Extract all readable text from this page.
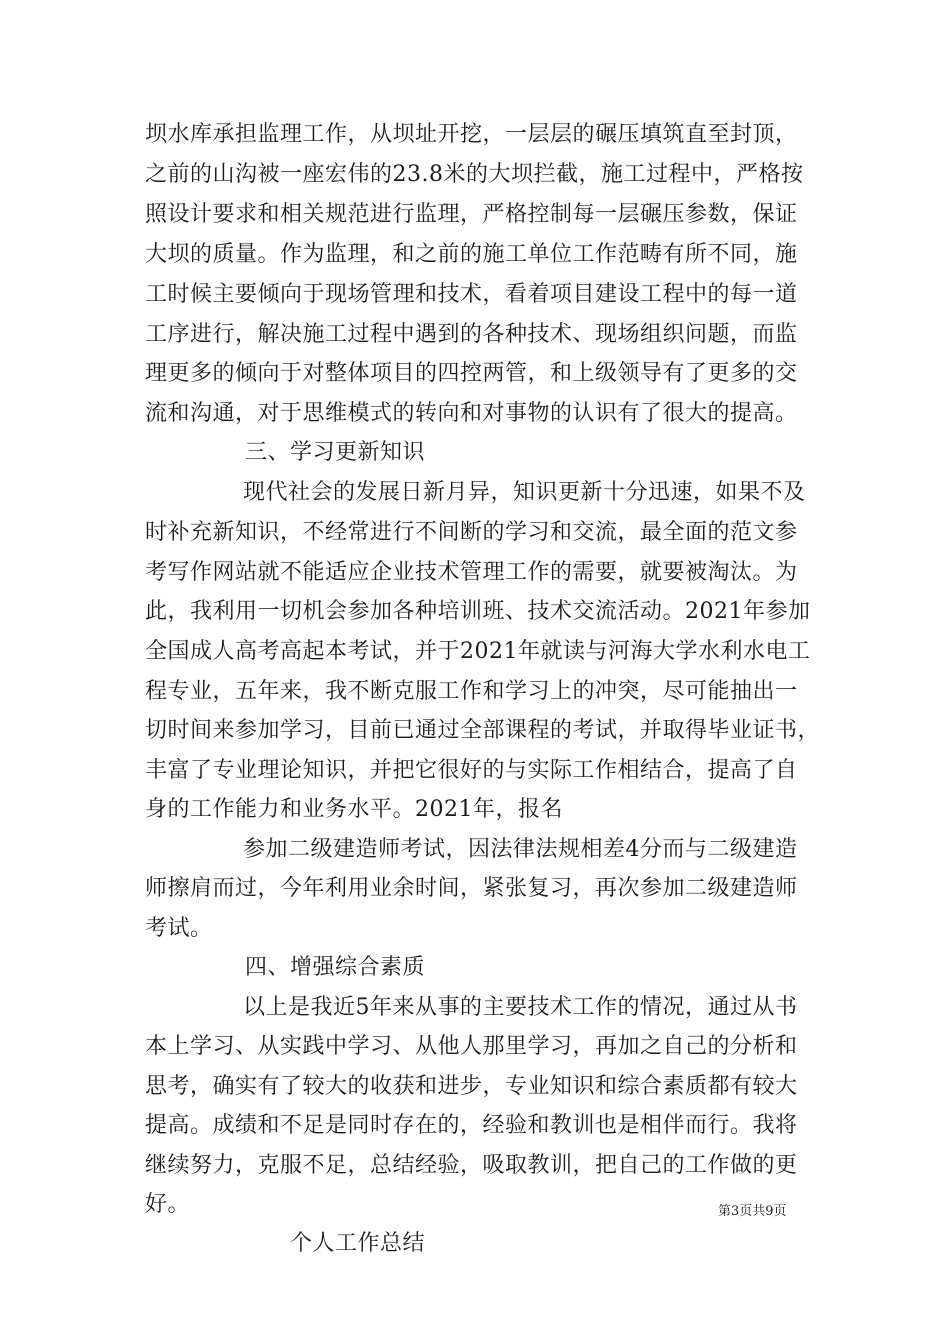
坝水库承担监理工作，从坝址开挖，一层层的碾压填筑直至封顶，
之前的山沟被一座宏伟的23.8米的大坝拦截，施工过程中，严格按
照设计要求和相关规范进行监理，严格控制每一层碾压参数，保证
大坝的质量。作为监理，和之前的施工单位工作范畴有所不同，施
工时候主要倾向于现场管理和技术，看着项目建设工程中的每一道
工序进行，解决施工过程中遇到的各种技术、现场组织问题，而监
理更多的倾向于对整体项目的四控两管，和上级领导有了更多的交
流和沟通，对于思维模式的转向和对事物的认识有了很大的提高。
三、学习更新知识
现代社会的发展日新月异，知识更新十分迅速，如果不及
时补充新知识，不经常进行不间断的学习和交流，最全面的范文参
考写作网站就不能适应企业技术管理工作的需要，就要被淘汰。为
此，我利用一切机会参加各种培训班、技术交流活动。2021年参加
全国成人高考高起本考试，并于2021年就读与河海大学水利水电工
程专业，五年来，我不断克服工作和学习上的冲突，尽可能抽出一
切时间来参加学习，目前已通过全部课程的考试，并取得毕业证书，
丰富了专业理论知识，并把它很好的与实际工作相结合，提高了自
身的工作能力和业务水平。2021年，报名
参加二级建造师考试，因法律法规相差4分而与二级建造
师擦肩而过，今年利用业余时间，紧张复习，再次参加二级建造师
考试。
四、增强综合素质
以上是我近5年来从事的主要技术工作的情况，通过从书
本上学习、从实践中学习、从他人那里学习，再加之自己的分析和
思考，确实有了较大的收获和进步，专业知识和综合素质都有较大
提高。成绩和不足是同时存在的，经验和教训也是相伴而行。我将
继续努力，克服不足，总结经验，吸取教训，把自己的工作做的更
好。
个人工作总结
第3页共9页
